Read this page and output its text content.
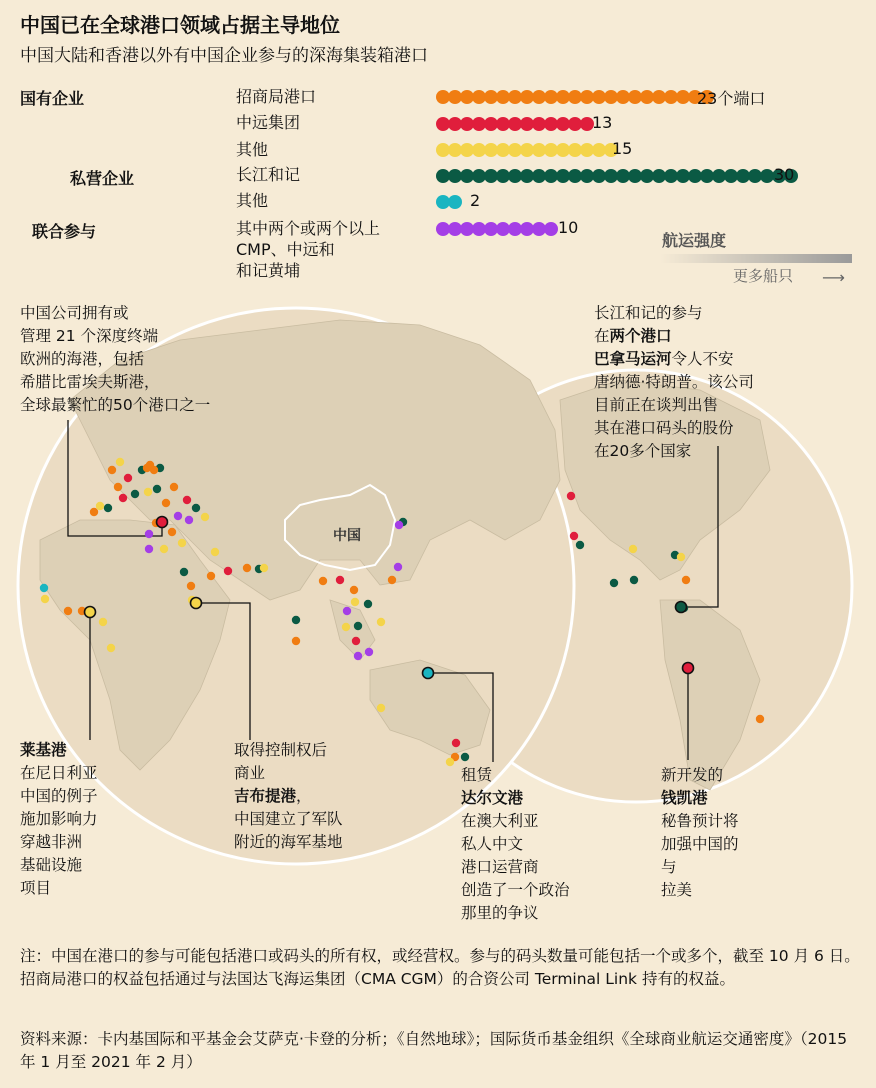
中国
中国已在全球港口领域占据主导地位
中国大陆和香港以外有中国企业参与的深海集装箱港口
国有企业
私营企业
联合参与
招商局港口
中远集团
其他
长江和记
其他
其中两个或两个以上
CMP、中远和
和记黄埔
23个端口
13
15
30
2
10
航运强度
更多船只 ⟶
中国公司拥有或
管理 21 个深度终端
欧洲的海港，包括
希腊比雷埃夫斯港，
全球最繁忙的50个港口之一
长江和记的参与
在两个港口
巴拿马运河令人不安
唐纳德·特朗普。该公司
目前正在谈判出售
其在港口码头的股份
在20多个国家
莱基港
在尼日利亚
中国的例子
施加影响力
穿越非洲
基础设施
项目
取得控制权后
商业
吉布提港，
中国建立了军队
附近的海军基地
租赁
达尔文港
在澳大利亚
私人中文
港口运营商
创造了一个政治
那里的争议
新开发的
钱凯港
秘鲁预计将
加强中国的
与
拉美
注：中国在港口的参与可能包括港口或码头的所有权，或经营权。参与的码头数量可能包括一个或多个，截至 10 月 6 日。招商局港口的权益包括通过与法国达飞海运集团（CMA CGM）的合资公司 Terminal Link 持有的权益。
资料来源：卡内基国际和平基金会艾萨克·卡登的分析；《自然地球》；国际货币基金组织《全球商业航运交通密度》（2015 年 1 月至 2021 年 2 月）
